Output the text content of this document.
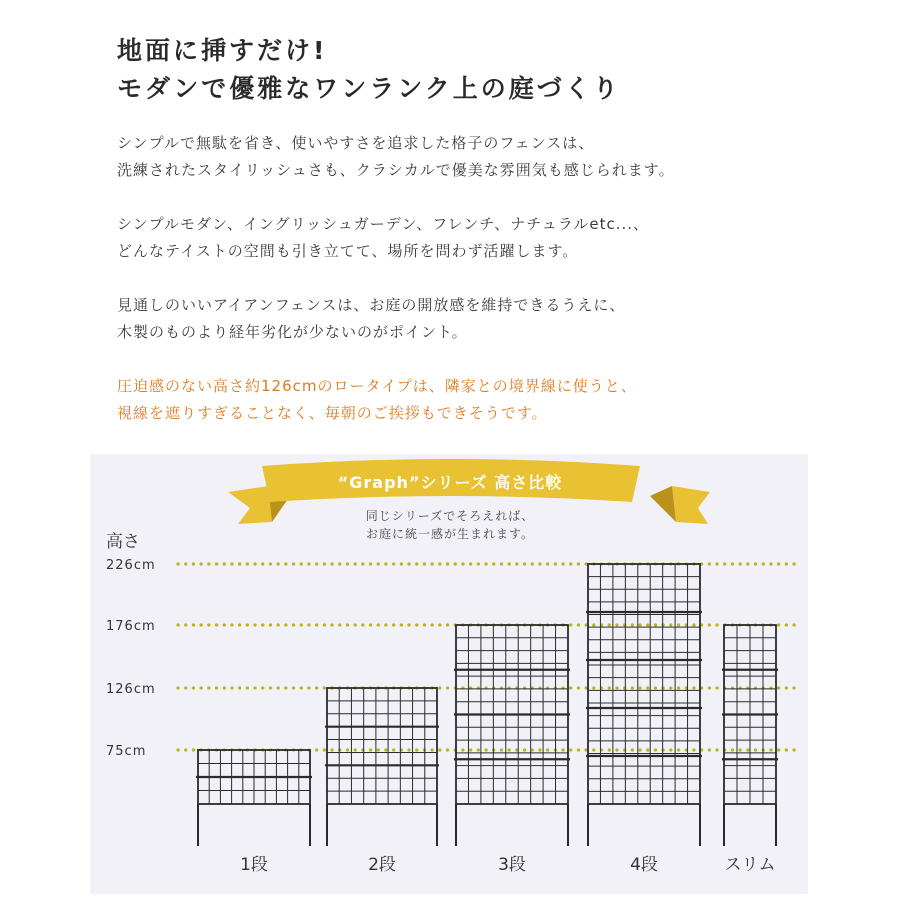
地面に挿すだけ!
モダンで優雅なワンランク上の庭づくり
シンプルで無駄を省き、使いやすさを追求した格子のフェンスは、
洗練されたスタイリッシュさも、クラシカルで優美な雰囲気も感じられます。
シンプルモダン、イングリッシュガーデン、フレンチ、ナチュラルetc...、
どんなテイストの空間も引き立てて、場所を問わず活躍します。
見通しのいいアイアンフェンスは、お庭の開放感を維持できるうえに、
木製のものより経年劣化が少ないのがポイント。
圧迫感のない高さ約126cmのロータイプは、隣家との境界線に使うと、
視線を遮りすぎることなく、毎朝のご挨拶もできそうです。
“Graph”シリーズ 高さ比較
同じシリーズでそろえれば、
お庭に統一感が生まれます。
高さ
226cm
176cm
126cm
75cm
1段	2段	3段	4段	スリム
